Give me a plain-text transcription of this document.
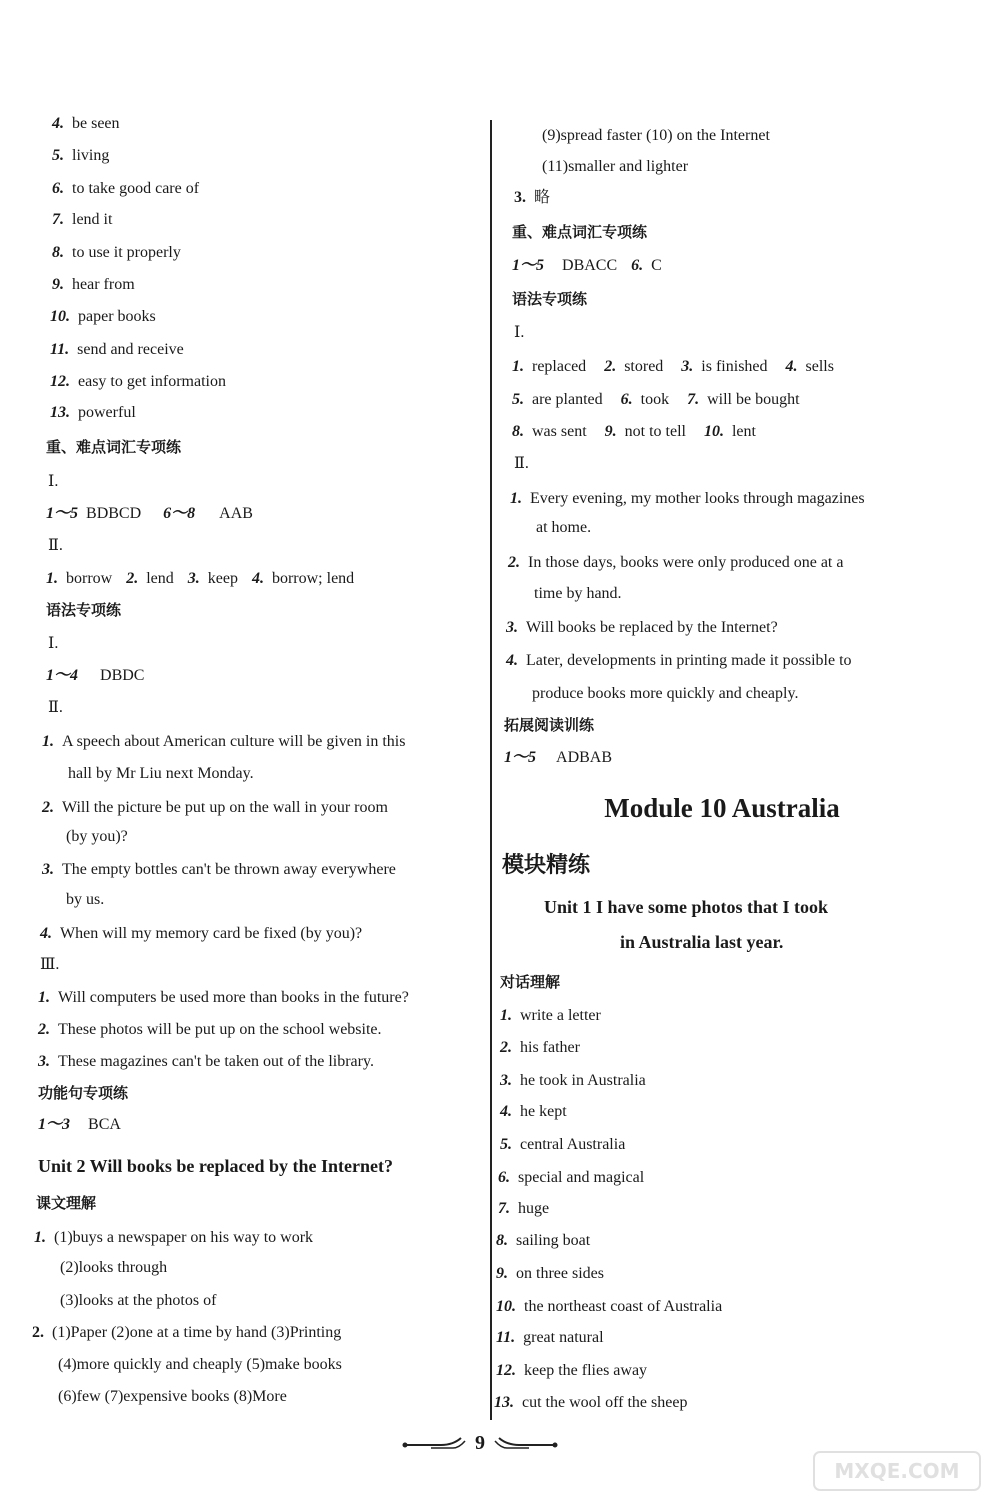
4. be seen
5. living
6. to take good care of
7. lend it
8. to use it properly
9. hear from
10. paper books
11. send and receive
12. easy to get information
13. powerful
重、难点词汇专项练
Ⅰ.
1～5 BDBCD 6～8 AAB
Ⅱ.
1. borrow 2. lend 3. keep 4. borrow; lend
语法专项练
Ⅰ.
1～4 DBDC
Ⅱ.
1. A speech about American culture will be given in this
hall by Mr Liu next Monday.
2. Will the picture be put up on the wall in your room
(by you)?
3. The empty bottles can't be thrown away everywhere
by us.
4. When will my memory card be fixed (by you)?
Ⅲ.
1. Will computers be used more than books in the future?
2. These photos will be put up on the school website.
3. These magazines can't be taken out of the library.
功能句专项练
1～3 BCA
Unit 2 Will books be replaced by the Internet?
课文理解
1. (1)buys a newspaper on his way to work
(2)looks through
(3)looks at the photos of
2. (1)Paper (2)one at a time by hand (3)Printing
(4)more quickly and cheaply (5)make books
(6)few (7)expensive books (8)More
(9)spread faster (10) on the Internet
(11)smaller and lighter
3. 略
重、难点词汇专项练
1～5 DBACC 6. C
语法专项练
Ⅰ.
1. replaced 2. stored 3. is finished 4. sells
5. are planted 6. took 7. will be bought
8. was sent 9. not to tell 10. lent
Ⅱ.
1. Every evening, my mother looks through magazines
at home.
2. In those days, books were only produced one at a
time by hand.
3. Will books be replaced by the Internet?
4. Later, developments in printing made it possible to
produce books more quickly and cheaply.
拓展阅读训练
1～5 ADBAB
Module 10 Australia
模块精练
Unit 1 I have some photos that I took
in Australia last year.
对话理解
1. write a letter
2. his father
3. he took in Australia
4. he kept
5. central Australia
6. special and magical
7. huge
8. sailing boat
9. on three sides
10. the northeast coast of Australia
11. great natural
12. keep the flies away
13. cut the wool off the sheep
9
MXQE.COM
